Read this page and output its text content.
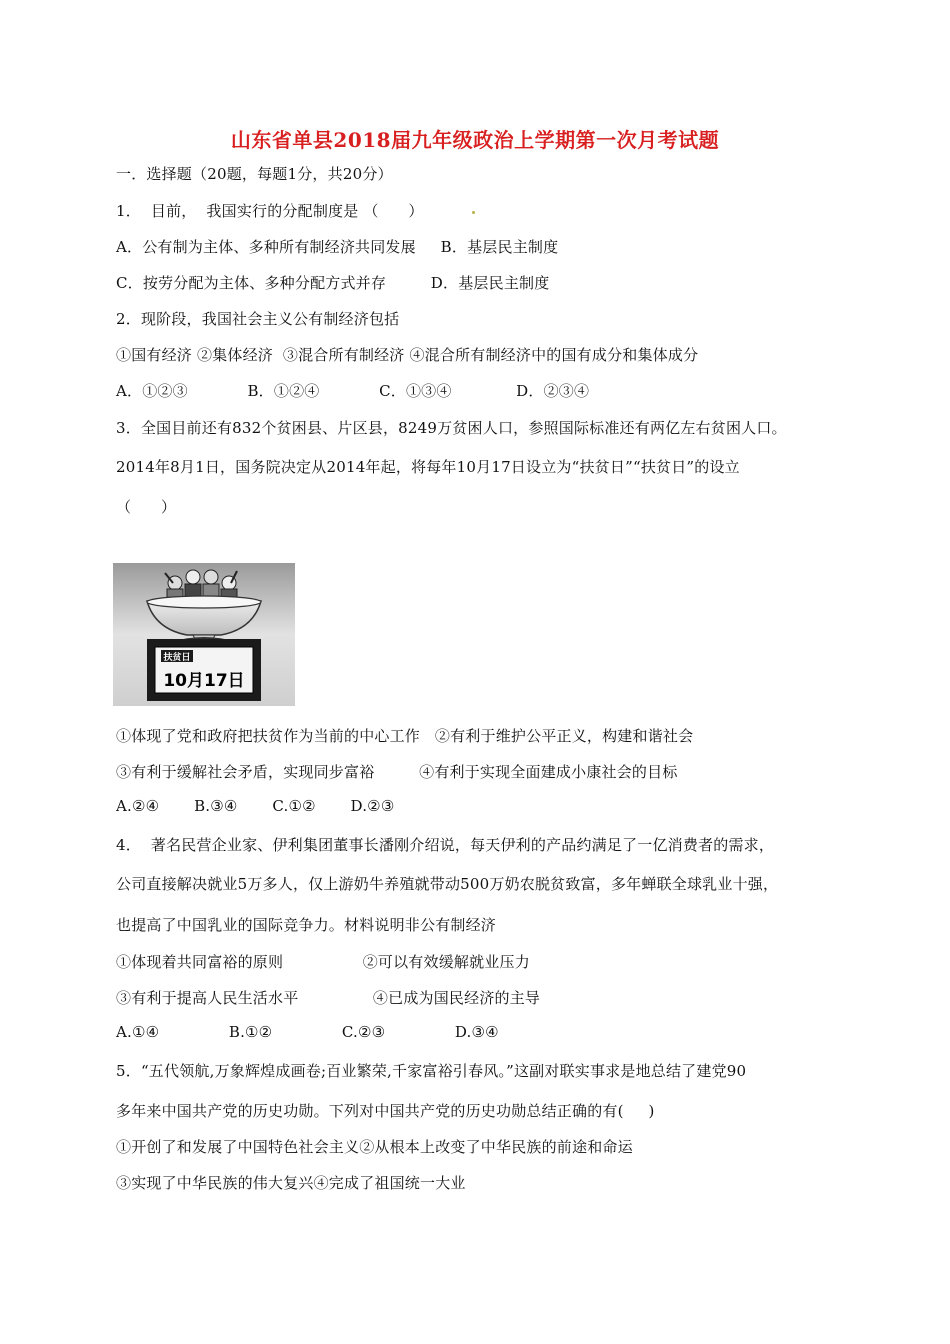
山东省单县2018届九年级政治上学期第一次月考试题
一．选择题（20题，每题1分，共20分）
1．  目前，  我国实行的分配制度是 （      ）
A．公有制为主体、多种所有制经济共同发展     B．基层民主制度
C．按劳分配为主体、多种分配方式并存         D．基层民主制度
2．现阶段，我国社会主义公有制经济包括
①国有经济 ②集体经济  ③混合所有制经济 ④混合所有制经济中的国有成分和集体成分
A．①②③            B．①②④            C．①③④             D．②③④
3．全国目前还有832个贫困县、片区县，8249万贫困人口，参照国际标准还有两亿左右贫困人口。
2014年8月1日，国务院决定从2014年起，将每年10月17日设立为“扶贫日”“扶贫日”的设立
（      ）
扶贫日
10月17日
①体现了党和政府把扶贫作为当前的中心工作   ②有利于维护公平正义，构建和谐社会
③有利于缓解社会矛盾，实现同步富裕         ④有利于实现全面建成小康社会的目标
A.②④       B.③④       C.①②       D.②③
4．  著名民营企业家、伊利集团董事长潘刚介绍说，每天伊利的产品约满足了一亿消费者的需求，
公司直接解决就业5万多人，仅上游奶牛养殖就带动500万奶农脱贫致富，多年蝉联全球乳业十强，
也提高了中国乳业的国际竞争力。材料说明非公有制经济
①体现着共同富裕的原则                ②可以有效缓解就业压力
③有利于提高人民生活水平               ④已成为国民经济的主导
A.①④              B.①②              C.②③              D.③④
5．“五代领航,万象辉煌成画卷;百业繁荣,千家富裕引春风。”这副对联实事求是地总结了建党90
多年来中国共产党的历史功勋。下列对中国共产党的历史功勋总结正确的有(     )
①开创了和发展了中国特色社会主义②从根本上改变了中华民族的前途和命运
③实现了中华民族的伟大复兴④完成了祖国统一大业
